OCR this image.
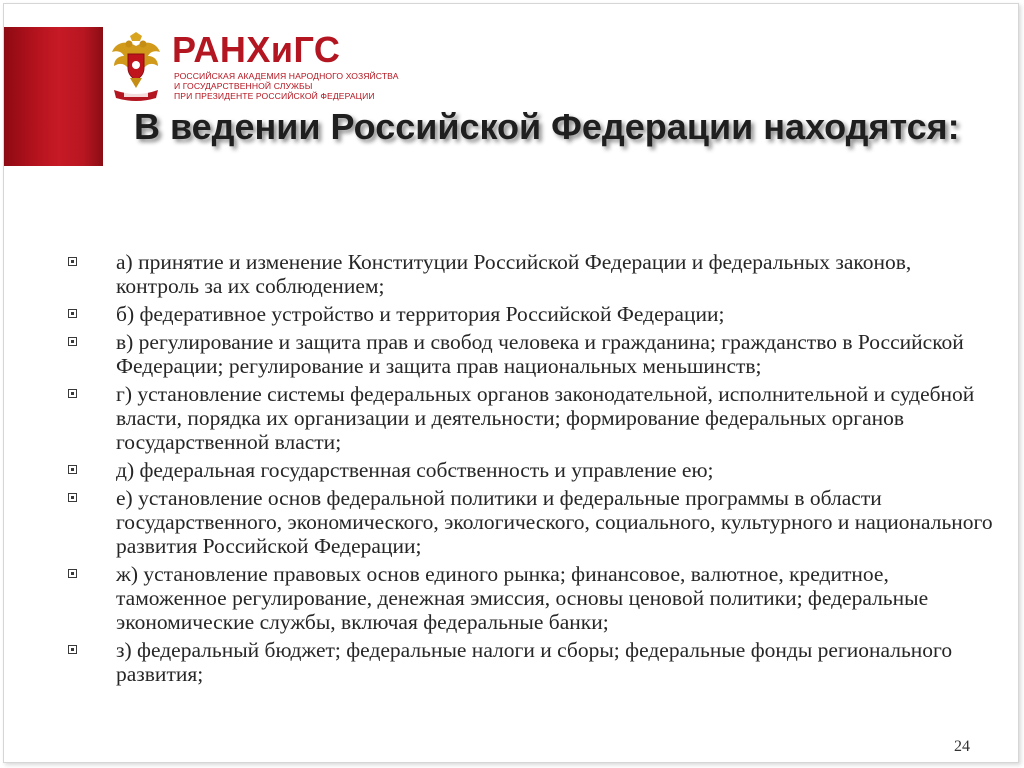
РАНХиГС
РОССИЙСКАЯ АКАДЕМИЯ НАРОДНОГО ХОЗЯЙСТВА
И ГОСУДАРСТВЕННОЙ СЛУЖБЫ
ПРИ ПРЕЗИДЕНТЕ РОССИЙСКОЙ ФЕДЕРАЦИИ
В ведении Российской Федерации находятся:
а) принятие и изменение Конституции Российской Федерации и федеральных законов, контроль за их соблюдением;
б) федеративное устройство и территория Российской Федерации;
в) регулирование и защита прав и свобод человека и гражданина; гражданство в Российской Федерации; регулирование и защита прав национальных меньшинств;
г) установление системы федеральных органов законодательной, исполнительной и судебной власти, порядка их организации и деятельности; формирование федеральных органов государственной власти;
д) федеральная государственная собственность и управление ею;
е) установление основ федеральной политики и федеральные программы в области государственного, экономического, экологического, социального, культурного и национального развития Российской Федерации;
ж) установление правовых основ единого рынка; финансовое, валютное, кредитное, таможенное регулирование, денежная эмиссия, основы ценовой политики; федеральные экономические службы, включая федеральные банки;
з) федеральный бюджет; федеральные налоги и сборы; федеральные фонды регионального развития;
24
